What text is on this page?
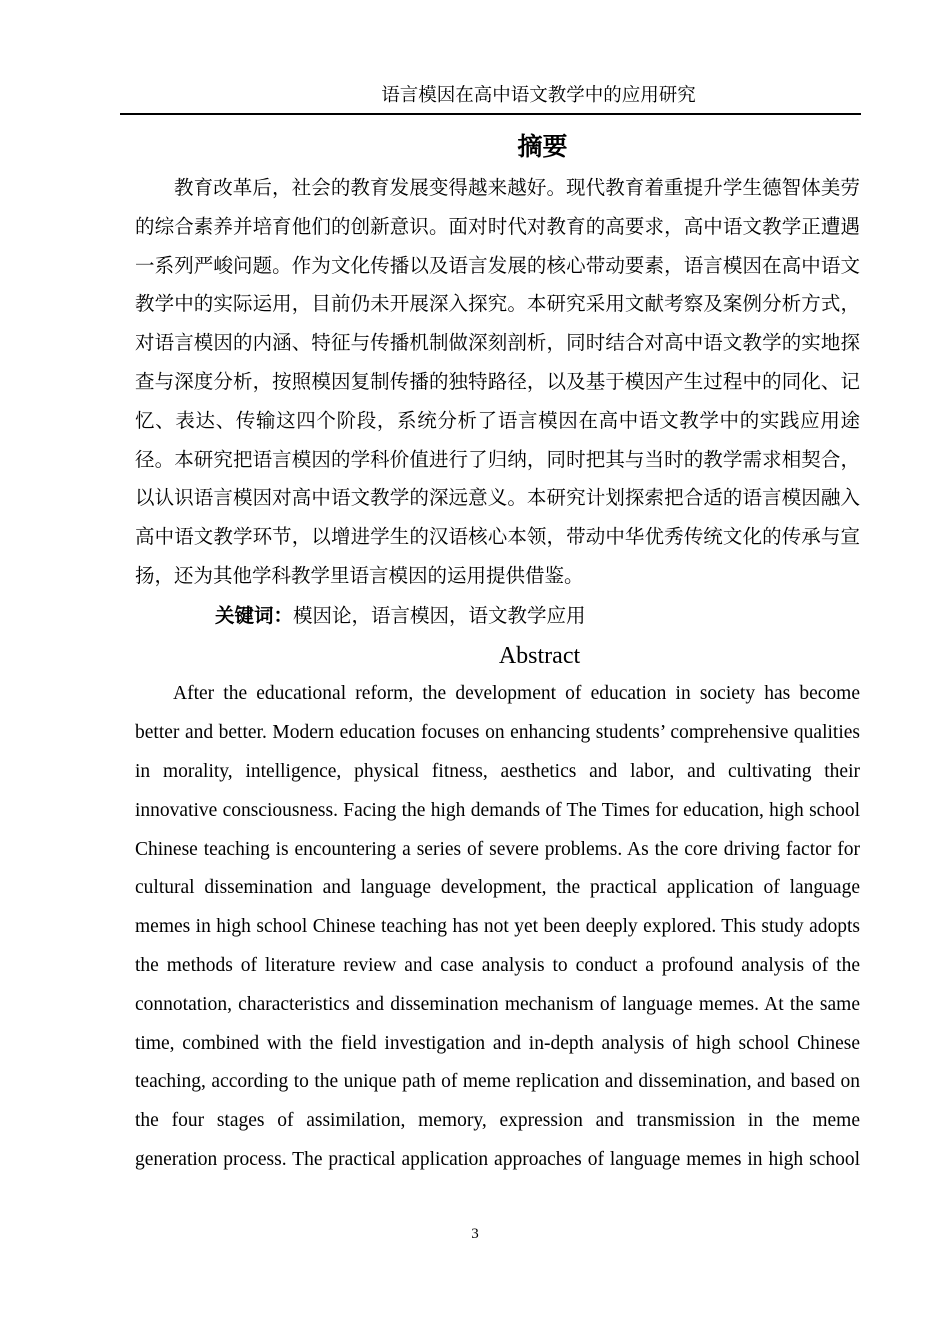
语言模因在高中语文教学中的应用研究
摘要

教育改革后，社会的教育发展变得越来越好。现代教育着重提升学生德智体美劳的综合素养并培育他们的创新意识。面对时代对教育的高要求，高中语文教学正遭遇一系列严峻问题。作为文化传播以及语言发展的核心带动要素，语言模因在高中语文教学中的实际运用，目前仍未开展深入探究。本研究采用文献考察及案例分析方式，对语言模因的内涵、特征与传播机制做深刻剖析，同时结合对高中语文教学的实地探查与深度分析，按照模因复制传播的独特路径，以及基于模因产生过程中的同化、记忆、表达、传输这四个阶段，系统分析了语言模因在高中语文教学中的实践应用途径。本研究把语言模因的学科价值进行了归纳，同时把其与当时的教学需求相契合，以认识语言模因对高中语文教学的深远意义。本研究计划探索把合适的语言模因融入高中语文教学环节，以增进学生的汉语核心本领，带动中华优秀传统文化的传承与宣扬，还为其他学科教学里语言模因的运用提供借鉴。

关键词：模因论，语言模因，语文教学应用

Abstract

After the educational reform, the development of education in society has become better and better. Modern education focuses on enhancing students’ comprehensive qualities in morality, intelligence, physical fitness, aesthetics and labor, and cultivating their innovative consciousness. Facing the high demands of The Times for education, high school Chinese teaching is encountering a series of severe problems. As the core driving factor for cultural dissemination and language development, the practical application of language memes in high school Chinese teaching has not yet been deeply explored. This study adopts the methods of literature review and case analysis to conduct a profound analysis of the connotation, characteristics and dissemination mechanism of language memes. At the same time, combined with the field investigation and in-depth analysis of high school Chinese teaching, according to the unique path of meme replication and dissemination, and based on the four stages of assimilation, memory, expression and transmission in the meme generation process. The practical application approaches of language memes in high school

3
